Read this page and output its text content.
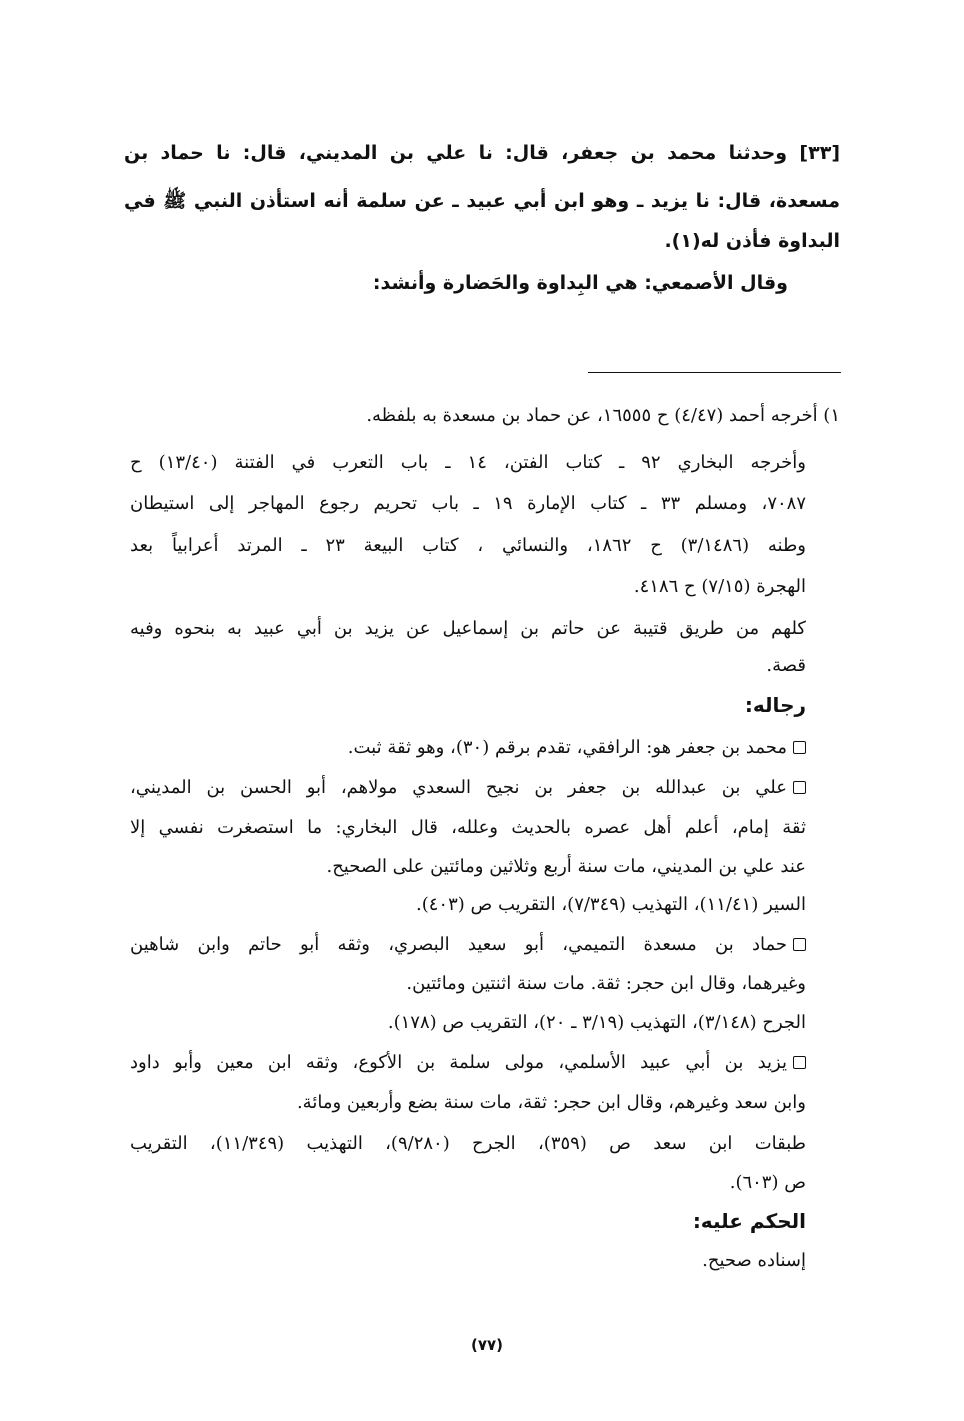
[٣٣] وحدثنا محمد بن جعفر، قال: نا علي بن المديني، قال: نا حماد بن
مسعدة، قال: نا يزيد ـ وهو ابن أبي عبيد ـ عن سلمة أنه استأذن النبي ﷺ في
البداوة فأذن له(١).
وقال الأصمعي: هي البِداوة والحَضارة وأنشد:
١) أخرجه أحمد (٤/٤٧) ح ١٦٥٥٥، عن حماد بن مسعدة به بلفظه.
وأخرجه البخاري ٩٢ ـ كتاب الفتن، ١٤ ـ باب التعرب في الفتنة (١٣/٤٠) ح
٧٠٨٧، ومسلم ٣٣ ـ كتاب الإمارة ١٩ ـ باب تحريم رجوع المهاجر إلى استيطان
وطنه (٣/١٤٨٦) ح ١٨٦٢، والنسائي ، كتاب البيعة ٢٣ ـ المرتد أعرابياً بعد
الهجرة (٧/١٥) ح ٤١٨٦.
كلهم من طريق قتيبة عن حاتم بن إسماعيل عن يزيد بن أبي عبيد به بنحوه وفيه
قصة.
رجاله:
محمد بن جعفر هو: الرافقي، تقدم برقم (٣٠)، وهو ثقة ثبت.
علي بن عبدالله بن جعفر بن نجيح السعدي مولاهم، أبو الحسن بن المديني،
ثقة إمام، أعلم أهل عصره بالحديث وعلله، قال البخاري: ما استصغرت نفسي إلا
عند علي بن المديني، مات سنة أربع وثلاثين ومائتين على الصحيح.
السير (١١/٤١)، التهذيب (٧/٣٤٩)، التقريب ص (٤٠٣).
حماد بن مسعدة التميمي، أبو سعيد البصري، وثقه أبو حاتم وابن شاهين
وغيرهما، وقال ابن حجر: ثقة. مات سنة اثنتين ومائتين.
الجرح (٣/١٤٨)، التهذيب (٣/١٩ ـ ٢٠)، التقريب ص (١٧٨).
يزيد بن أبي عبيد الأسلمي، مولى سلمة بن الأكوع، وثقه ابن معين وأبو داود
وابن سعد وغيرهم، وقال ابن حجر: ثقة، مات سنة بضع وأربعين ومائة.
طبقات ابن سعد ص (٣٥٩)، الجرح (٩/٢٨٠)، التهذيب (١١/٣٤٩)، التقريب
ص (٦٠٣).
الحكم عليه:
إسناده صحيح.
(٧٧)
